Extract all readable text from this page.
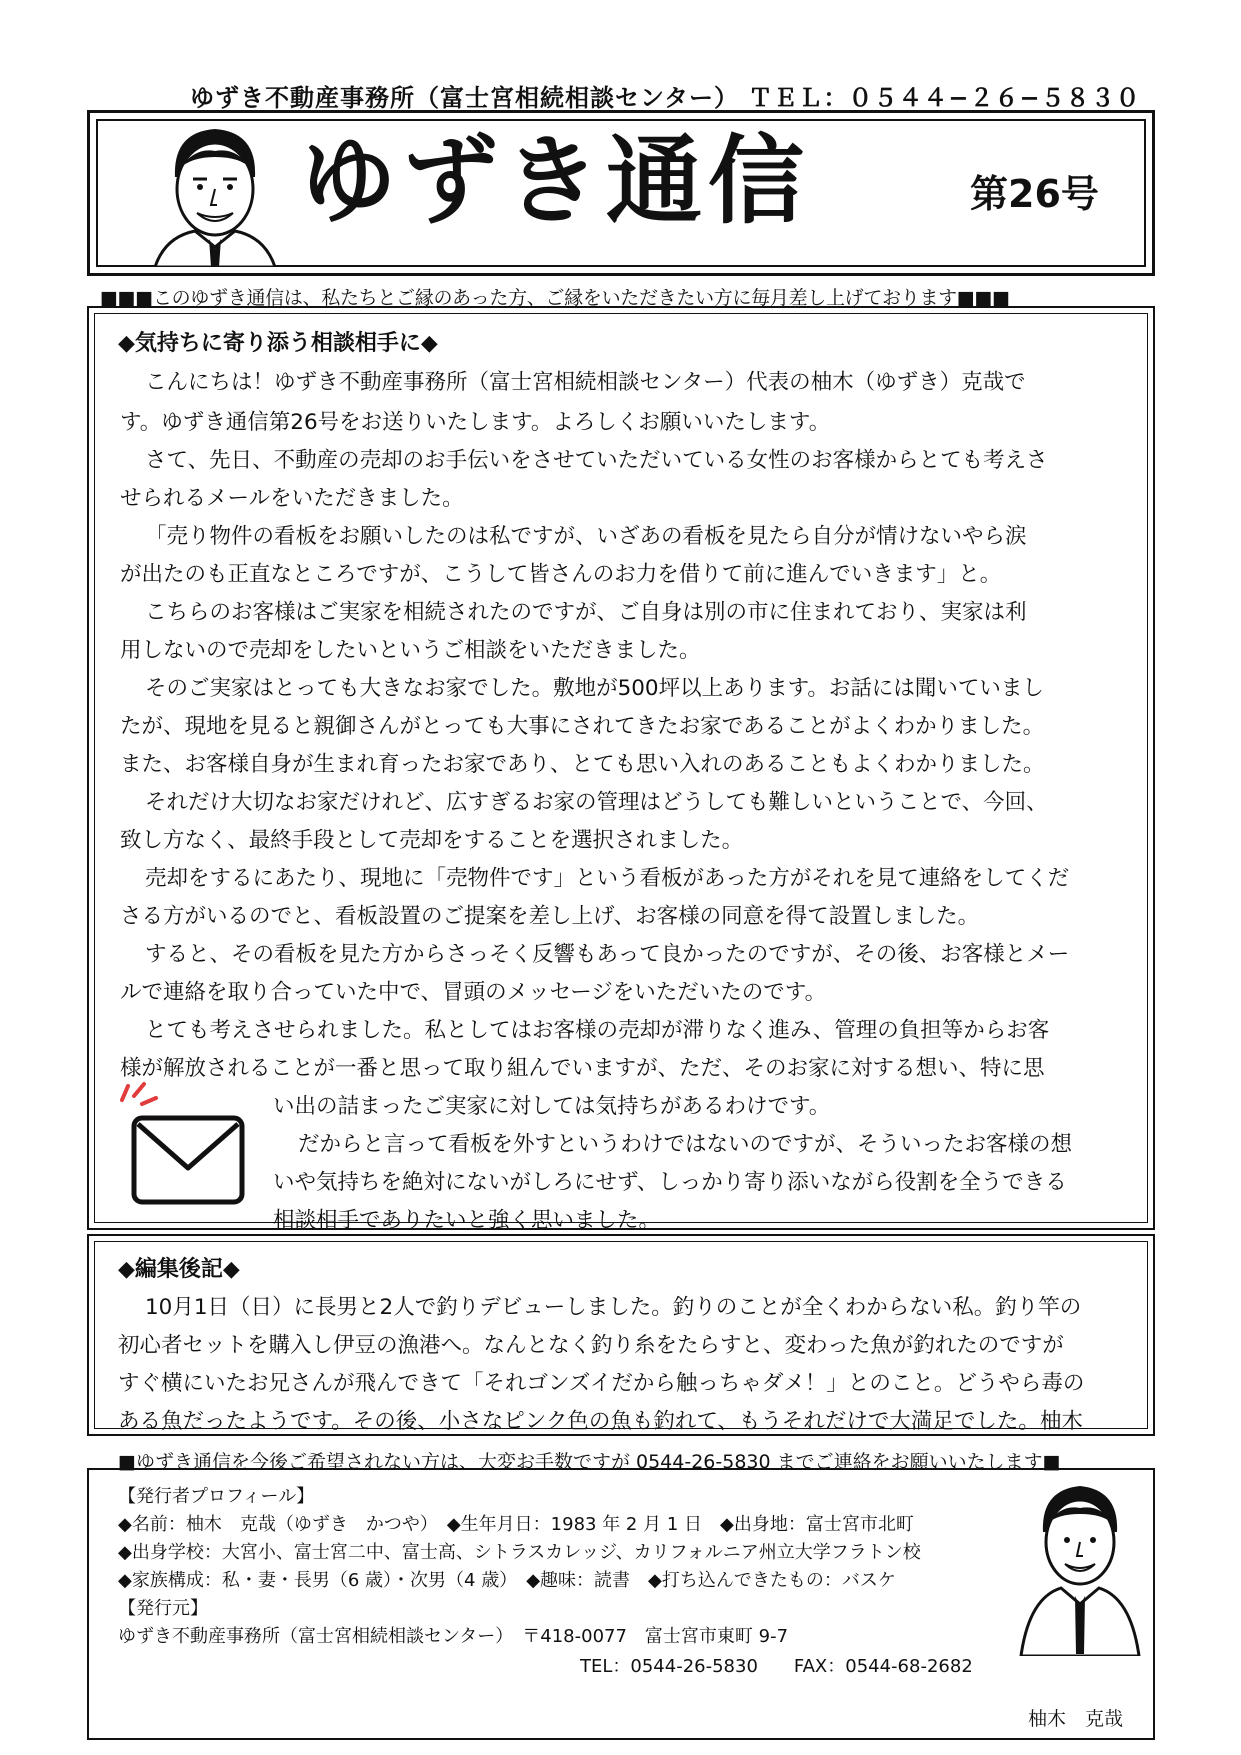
ゆずき不動産事務所（富士宮相続相談センター） ＴＥＬ：０５４４−２６−５８３０
ゆずき通信	第26号
■■■このゆずき通信は、私たちとご縁のあった方、ご縁をいただきたい方に毎月差し上げております■■■
◆気持ちに寄り添う相談相手に◆
こんにちは！ゆずき不動産事務所（富士宮相続相談センター）代表の柚木（ゆずき）克哉で
す。ゆずき通信第26号をお送りいたします。よろしくお願いいたします。
さて、先日、不動産の売却のお手伝いをさせていただいている女性のお客様からとても考えさ
せられるメールをいただきました。
「売り物件の看板をお願いしたのは私ですが、いざあの看板を見たら自分が情けないやら涙
が出たのも正直なところですが、こうして皆さんのお力を借りて前に進んでいきます」と。
こちらのお客様はご実家を相続されたのですが、ご自身は別の市に住まれており、実家は利
用しないので売却をしたいというご相談をいただきました。
そのご実家はとっても大きなお家でした。敷地が500坪以上あります。お話には聞いていまし
たが、現地を見ると親御さんがとっても大事にされてきたお家であることがよくわかりました。
また、お客様自身が生まれ育ったお家であり、とても思い入れのあることもよくわかりました。
それだけ大切なお家だけれど、広すぎるお家の管理はどうしても難しいということで、今回、
致し方なく、最終手段として売却をすることを選択されました。
売却をするにあたり、現地に「売物件です」という看板があった方がそれを見て連絡をしてくだ
さる方がいるのでと、看板設置のご提案を差し上げ、お客様の同意を得て設置しました。
すると、その看板を見た方からさっそく反響もあって良かったのですが、その後、お客様とメー
ルで連絡を取り合っていた中で、冒頭のメッセージをいただいたのです。
とても考えさせられました。私としてはお客様の売却が滞りなく進み、管理の負担等からお客
様が解放されることが一番と思って取り組んでいますが、ただ、そのお家に対する想い、特に思
い出の詰まったご実家に対しては気持ちがあるわけです。
だからと言って看板を外すというわけではないのですが、そういったお客様の想
いや気持ちを絶対にないがしろにせず、しっかり寄り添いながら役割を全うできる
相談相手でありたいと強く思いました。
◆編集後記◆
10月1日（日）に長男と2人で釣りデビューしました。釣りのことが全くわからない私。釣り竿の
初心者セットを購入し伊豆の漁港へ。なんとなく釣り糸をたらすと、変わった魚が釣れたのですが
すぐ横にいたお兄さんが飛んできて「それゴンズイだから触っちゃダメ！」とのこと。どうやら毒の
ある魚だったようです。その後、小さなピンク色の魚も釣れて、もうそれだけで大満足でした。柚木
■ゆずき通信を今後ご希望されない方は、大変お手数ですが 0544-26-5830 までご連絡をお願いいたします■
【発行者プロフィール】
◆名前：柚木　克哉（ゆずき　かつや）　◆生年月日：1983 年 2 月 1 日　◆出身地：富士宮市北町
◆出身学校：大宮小、富士宮二中、富士高、シトラスカレッジ、カリフォルニア州立大学フラトン校
◆家族構成：私・妻・長男（6 歳）・次男（4 歳）　◆趣味：読書　◆打ち込んできたもの：バスケ
【発行元】
ゆずき不動産事務所（富士宮相続相談センター）　〒418-0077　富士宮市東町 9-7
TEL：0544-26-5830　　FAX：0544-68-2682
柚木　克哉
